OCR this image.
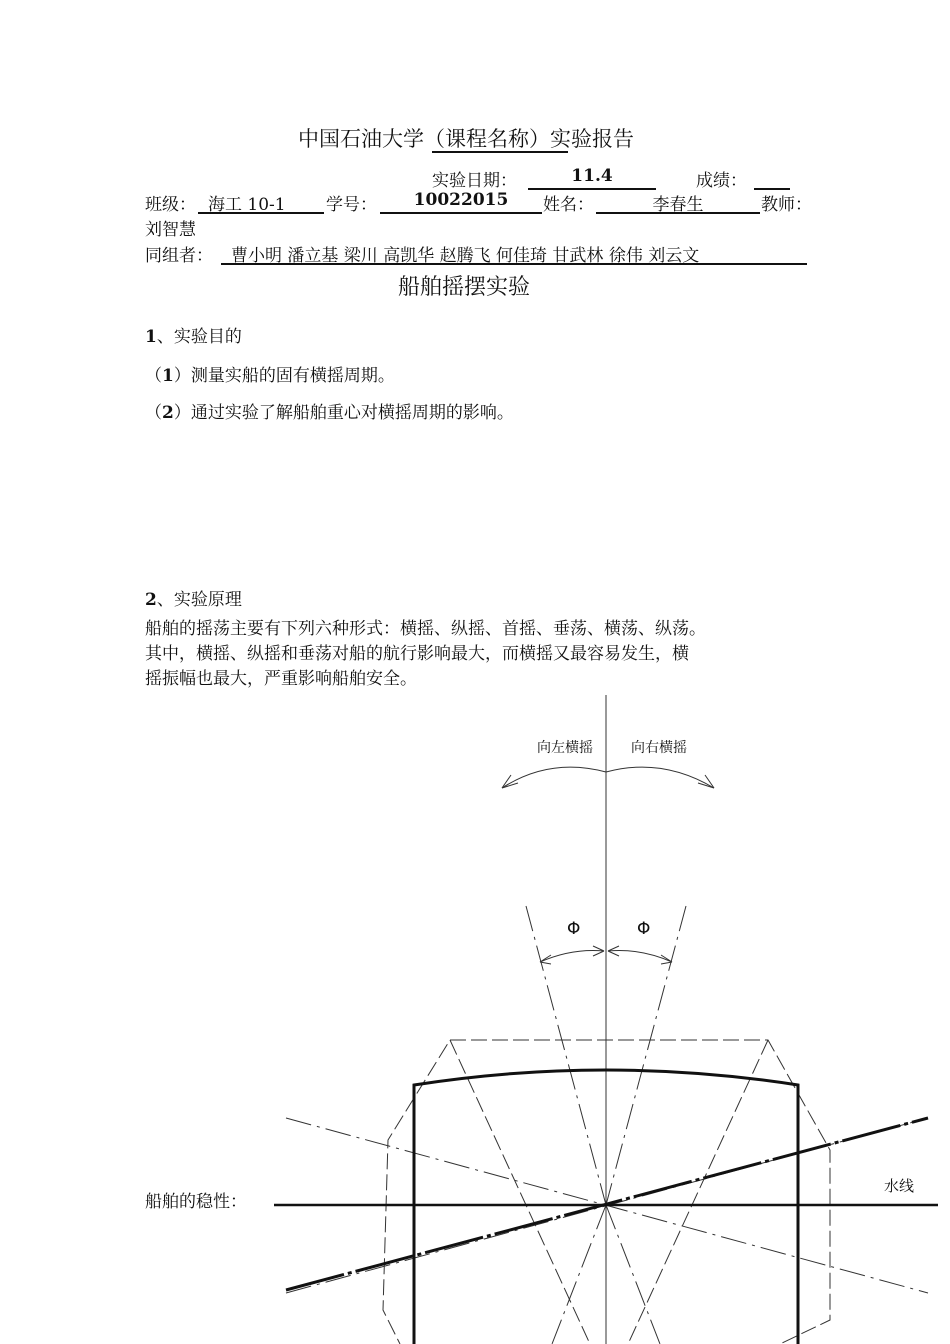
中国石油大学（课程名称）实验报告
实验日期：	11.4	成绩：
班级： 海工 10-1	学号：	10022015	姓名：	李春生	教师：
刘智慧
同组者：	曹小明 潘立基 梁川 高凯华 赵腾飞 何佳琦 甘武林 徐伟 刘云文
船舶摇摆实验
1、实验目的
（1）测量实船的固有横摇周期。
（2）通过实验了解船舶重心对横摇周期的影响。
2、实验原理
船舶的摇荡主要有下列六种形式：横摇、纵摇、首摇、垂荡、横荡、纵荡。
其中，横摇、纵摇和垂荡对船的航行影响最大，而横摇又最容易发生，横
摇振幅也最大，严重影响船舶安全。
船舶的稳性：
向左横摇	向右横摇
Φ	Φ
水线
